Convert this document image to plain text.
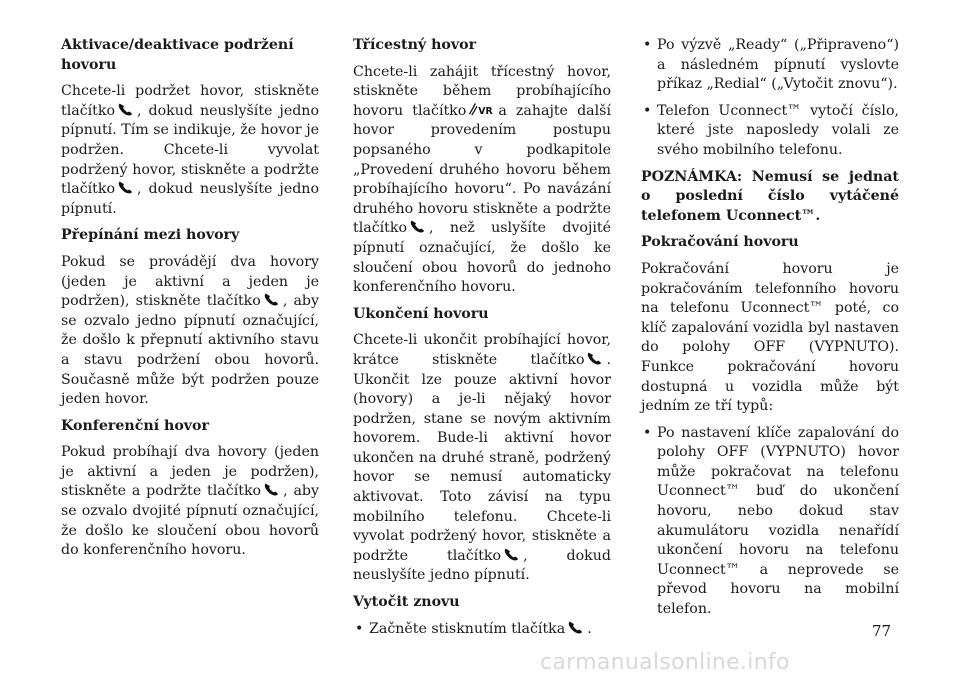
Aktivace/deaktivace podržení hovoru

Chcete-li podržet hovor, stiskněte tlačítko , dokud neuslyšíte jedno pípnutí. Tím se indikuje, že hovor je podržen. Chcete-li vyvolat podržený hovor, stiskněte a podržte tlačítko , dokud neuslyšíte jedno pípnutí.

Přepínání mezi hovory

Pokud se provádějí dva hovory (jeden je aktivní a jeden je podržen), stiskněte tlačítko , aby se ozvalo jedno pípnutí označující, že došlo k přepnutí aktivního stavu a stavu podržení obou hovorů. Současně může být podržen pouze jeden hovor.

Konferenční hovor

Pokud probíhají dva hovory (jeden je aktivní a jeden je podržen), stiskněte a podržte tlačítko , aby se ozvalo dvojité pípnutí označující, že došlo ke sloučení obou hovorů do konferenčního hovoru.

Třícestný hovor

Chcete-li zahájit třícestný hovor, stiskněte během probíhajícího hovoru tlačítko VR a zahajte další hovor provedením postupu popsaného v podkapitole „Provedení druhého hovoru během probíhajícího hovoru“. Po navázání druhého hovoru stiskněte a podržte tlačítko , než uslyšíte dvojité pípnutí označující, že došlo ke sloučení obou hovorů do jednoho konferenčního hovoru.

Ukončení hovoru

Chcete-li ukončit probíhající hovor, krátce stiskněte tlačítko . Ukončit lze pouze aktivní hovor (hovory) a je-li nějaký hovor podržen, stane se novým aktivním hovorem. Bude-li aktivní hovor ukončen na druhé straně, podržený hovor se nemusí automaticky aktivovat. Toto závisí na typu mobilního telefonu. Chcete-li vyvolat podržený hovor, stiskněte a podržte tlačítko , dokud neuslyšíte jedno pípnutí.

Vytočit znovu
• Začněte stisknutím tlačítka .
• Po výzvě „Ready“ („Připraveno“) a následném pípnutí vyslovte příkaz „Redial“ („Vytočit znovu“).
• Telefon Uconnect™ vytočí číslo, které jste naposledy volali ze svého mobilního telefonu.

POZNÁMKA: Nemusí se jednat o poslední číslo vytáčené telefonem Uconnect™.

Pokračování hovoru

Pokračování hovoru je pokračováním telefonního hovoru na telefonu Uconnect™ poté, co klíč zapalování vozidla byl nastaven do polohy OFF (VYPNUTO). Funkce pokračování hovoru dostupná u vozidla může být jedním ze tří typů:

• Po nastavení klíče zapalování do polohy OFF (VYPNUTO) hovor může pokračovat na telefonu Uconnect™ buď do ukončení hovoru, nebo dokud stav akumulátoru vozidla nenařídí ukončení hovoru na telefonu Uconnect™ a neprovede se převod hovoru na mobilní telefon.
77
carmanualsonline.info
